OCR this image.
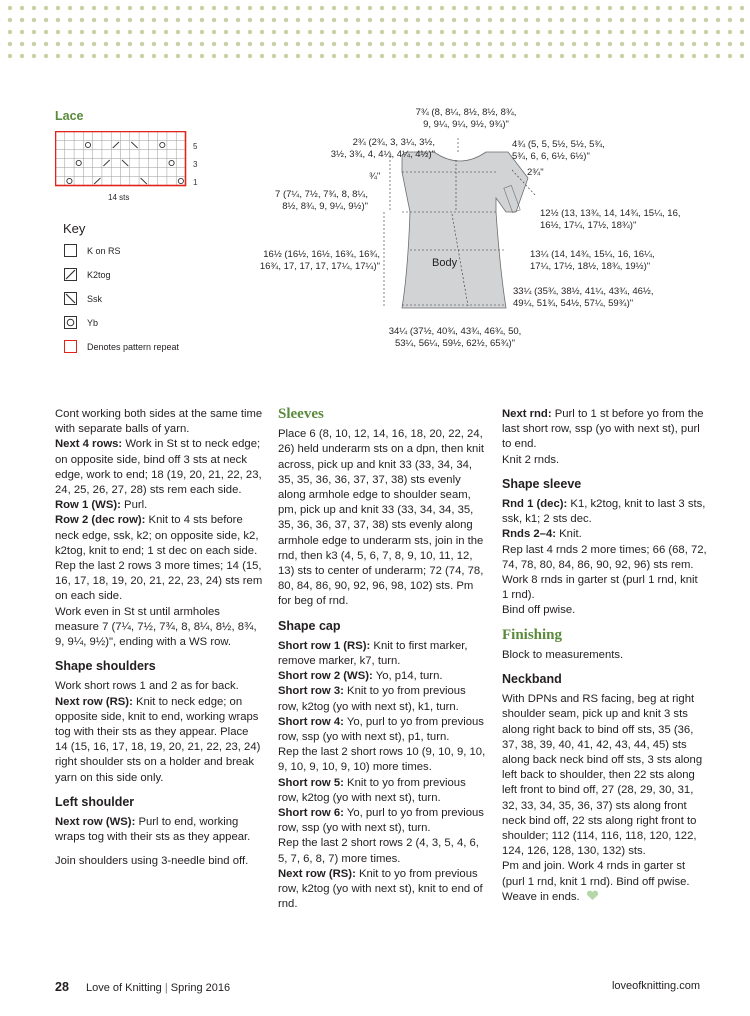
Lace
5
3
1
14 sts
Key
K on RS
K2tog
Ssk
Yb
Denotes pattern repeat
Body
7¾ (8, 8¼, 8½, 8½, 8¾,
9, 9¼, 9¼, 9½, 9¾)"
2¾ (2¾, 3, 3¼, 3½,
3½, 3¾, 4, 4¼, 4¼, 4½)"
4¾ (5, 5, 5½, 5½, 5¾,
5¾, 6, 6, 6½, 6½)"
¾"	2¾"
7 (7¼, 7½, 7¾, 8, 8¼,
8½, 8¾, 9, 9¼, 9½)"
12½ (13, 13¾, 14, 14¾, 15¼, 16,
16½, 17¼, 17½, 18¾)"
16½ (16½, 16½, 16¾, 16¾,
16¾, 17, 17, 17, 17¼, 17¼)"
13¼ (14, 14¾, 15¼, 16, 16¼,
17¼, 17½, 18½, 18¾, 19½)"
33¼ (35¾, 38½, 41¼, 43¾, 46½,
49¼, 51¾, 54½, 57¼, 59¾)"
34¼ (37½, 40¾, 43¾, 46¾, 50,
53¼, 56¼, 59½, 62½, 65¾)"

Cont working both sides at the same time with separate balls of yarn.

Next 4 rows: Work in St st to neck edge; on opposite side, bind off 3 sts at neck edge, work to end; 18 (19, 20, 21, 22, 23, 24, 25, 26, 27, 28) sts rem each side.

Row 1 (WS): Purl.

Row 2 (dec row): Knit to 4 sts before neck edge, ssk, k2; on opposite side, k2, k2tog, knit to end; 1 st dec on each side.

Rep the last 2 rows 3 more times; 14 (15, 16, 17, 18, 19, 20, 21, 22, 23, 24) sts rem on each side.

Work even in St st until armholes measure 7 (7¼, 7½, 7¾, 8, 8¼, 8½, 8¾, 9, 9¼, 9½)", ending with a WS row.

Shape shoulders

Work short rows 1 and 2 as for back.

Next row (RS): Knit to neck edge; on opposite side, knit to end, working wraps tog with their sts as they appear. Place 14 (15, 16, 17, 18, 19, 20, 21, 22, 23, 24) right shoulder sts on a holder and break yarn on this side only.

Left shoulder

Next row (WS): Purl to end, working wraps tog with their sts as they appear.

Join shoulders using 3-needle bind off.

Sleeves

Place 6 (8, 10, 12, 14, 16, 18, 20, 22, 24, 26) held underarm sts on a dpn, then knit across, pick up and knit 33 (33, 34, 34, 35, 35, 36, 36, 37, 37, 38) sts evenly along armhole edge to shoulder seam, pm, pick up and knit 33 (33, 34, 34, 35, 35, 36, 36, 37, 37, 38) sts evenly along armhole edge to underarm sts, join in the rnd, then k3 (4, 5, 6, 7, 8, 9, 10, 11, 12, 13) sts to center of underarm; 72 (74, 78, 80, 84, 86, 90, 92, 96, 98, 102) sts. Pm for beg of rnd.

Shape cap

Short row 1 (RS): Knit to first marker, remove marker, k7, turn.

Short row 2 (WS): Yo, p14, turn.

Short row 3: Knit to yo from previous row, k2tog (yo with next st), k1, turn.

Short row 4: Yo, purl to yo from previous row, ssp (yo with next st), p1, turn.

Rep the last 2 short rows 10 (9, 10, 9, 10, 9, 10, 9, 10, 9, 10) more times.

Short row 5: Knit to yo from previous row, k2tog (yo with next st), turn.

Short row 6: Yo, purl to yo from previous row, ssp (yo with next st), turn.

Rep the last 2 short rows 2 (4, 3, 5, 4, 6, 5, 7, 6, 8, 7) more times.

Next row (RS): Knit to yo from previous row, k2tog (yo with next st), knit to end of rnd.

Next rnd: Purl to 1 st before yo from the last short row, ssp (yo with next st), purl to end.

Knit 2 rnds.

Shape sleeve

Rnd 1 (dec): K1, k2tog, knit to last 3 sts, ssk, k1; 2 sts dec.

Rnds 2–4: Knit.

Rep last 4 rnds 2 more times; 66 (68, 72, 74, 78, 80, 84, 86, 90, 92, 96) sts rem.

Work 8 rnds in garter st (purl 1 rnd, knit 1 rnd).

Bind off pwise.

Finishing

Block to measurements.

Neckband

With DPNs and RS facing, beg at right shoulder seam, pick up and knit 3 sts along right back to bind off sts, 35 (36, 37, 38, 39, 40, 41, 42, 43, 44, 45) sts along back neck bind off sts, 3 sts along left back to shoulder, then 22 sts along left front to bind off, 27 (28, 29, 30, 31, 32, 33, 34, 35, 36, 37) sts along front neck bind off, 22 sts along right front to shoulder; 112 (114, 116, 118, 120, 122, 124, 126, 128, 130, 132) sts.

Pm and join. Work 4 rnds in garter st (purl 1 rnd, knit 1 rnd). Bind off pwise.

Weave in ends.

28 Love of Knitting | Spring 2016	loveofknitting.com
